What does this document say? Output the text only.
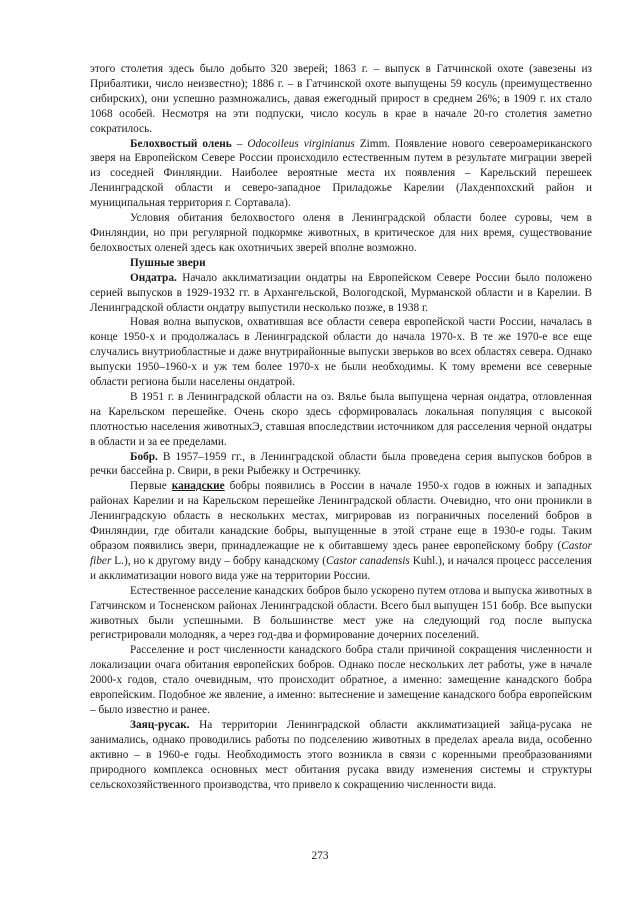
этого столетия здесь было добыто 320 зверей; 1863 г. – выпуск в Гатчинской охоте (завезены из Прибалтики, число неизвестно); 1886 г. – в Гатчинской охоте выпущены 59 косуль (преимущественно сибирских), они успешно размножались, давая ежегодный прирост в среднем 26%; в 1909 г. их стало 1068 особей. Несмотря на эти подпуски, число косуль в крае в начале 20-го столетия заметно сократилось.

Белохвостый олень – Odocoileus virginianus Zimm. Появление нового североамериканского зверя на Европейском Севере России происходило естественным путем в результате миграции зверей из соседней Финляндии. Наиболее вероятные места их появления – Карельский перешеек Ленинградской области и северо-западное Приладожье Карелии (Лахденпохский район и муниципальная территория г. Сортавала).

Условия обитания белохвостого оленя в Ленинградской области более суровы, чем в Финляндии, но при регулярной подкормке животных, в критическое для них время, существование белохвостых оленей здесь как охотничьих зверей вполне возможно.

Пушные звери

Ондатра. Начало акклиматизации ондатры на Европейском Севере России было положено серией выпусков в 1929-1932 гг. в Архангельской, Вологодской, Мурманской области и в Карелии. В Ленинградской области ондатру выпустили несколько позже, в 1938 г.

Новая волна выпусков, охватившая все области севера европейской части России, началась в конце 1950-х и продолжалась в Ленинградской области до начала 1970-х. В те же 1970-е все еще случались внутриобластные и даже внутрирайонные выпуски зверьков во всех областях севера. Однако выпуски 1950–1960-х и уж тем более 1970-х не были необходимы. К тому времени все северные области региона были населены ондатрой.

В 1951 г. в Ленинградской области на оз. Вялье была выпущена черная ондатра, отловленная на Карельском перешейке. Очень скоро здесь сформировалась локальная популяция с высокой плотностью населения животныхЭ, ставшая впоследствии источником для расселения черной ондатры в области и за ее пределами.

Бобр. В 1957–1959 гг., в Ленинградской области была проведена серия выпусков бобров в речки бассейна р. Свири, в реки Рыбежку и Остречинку.

Первые канадские бобры появились в России в начале 1950-х годов в южных и западных районах Карелии и на Карельском перешейке Ленинградской области. Очевидно, что они проникли в Ленинградскую область в нескольких местах, мигрировав из пограничных поселений бобров в Финляндии, где обитали канадские бобры, выпущенные в этой стране еще в 1930-е годы. Таким образом появились звери, принадлежащие не к обитавшему здесь ранее европейскому бобру (Castor fiber L.), но к другому виду – бобру канадскому (Castor canadensis Kuhl.), и начался процесс расселения и акклиматизации нового вида уже на территории России.

Естественное расселение канадских бобров было ускорено путем отлова и выпуска животных в Гатчинском и Тосненском районах Ленинградской области. Всего был выпущен 151 бобр. Все выпуски животных были успешными. В большинстве мест уже на следующий год после выпуска регистрировали молодняк, а через год-два и формирование дочерних поселений.

Расселение и рост численности канадского бобра стали причиной сокращения численности и локализации очага обитания европейских бобров. Однако после нескольких лет работы, уже в начале 2000-х годов, стало очевидным, что происходит обратное, а именно: замещение канадского бобра европейским. Подобное же явление, а именно: вытеснение и замещение канадского бобра европейским – было известно и ранее.

Заяц-русак. На территории Ленинградской области акклиматизацией зайца-русака не занимались, однако проводились работы по подселению животных в пределах ареала вида, особенно активно – в 1960-е годы. Необходимость этого возникла в связи с коренными преобразованиями природного комплекса основных мест обитания русака ввиду изменения системы и структуры сельскохозяйственного производства, что привело к сокращению численности вида.

273
